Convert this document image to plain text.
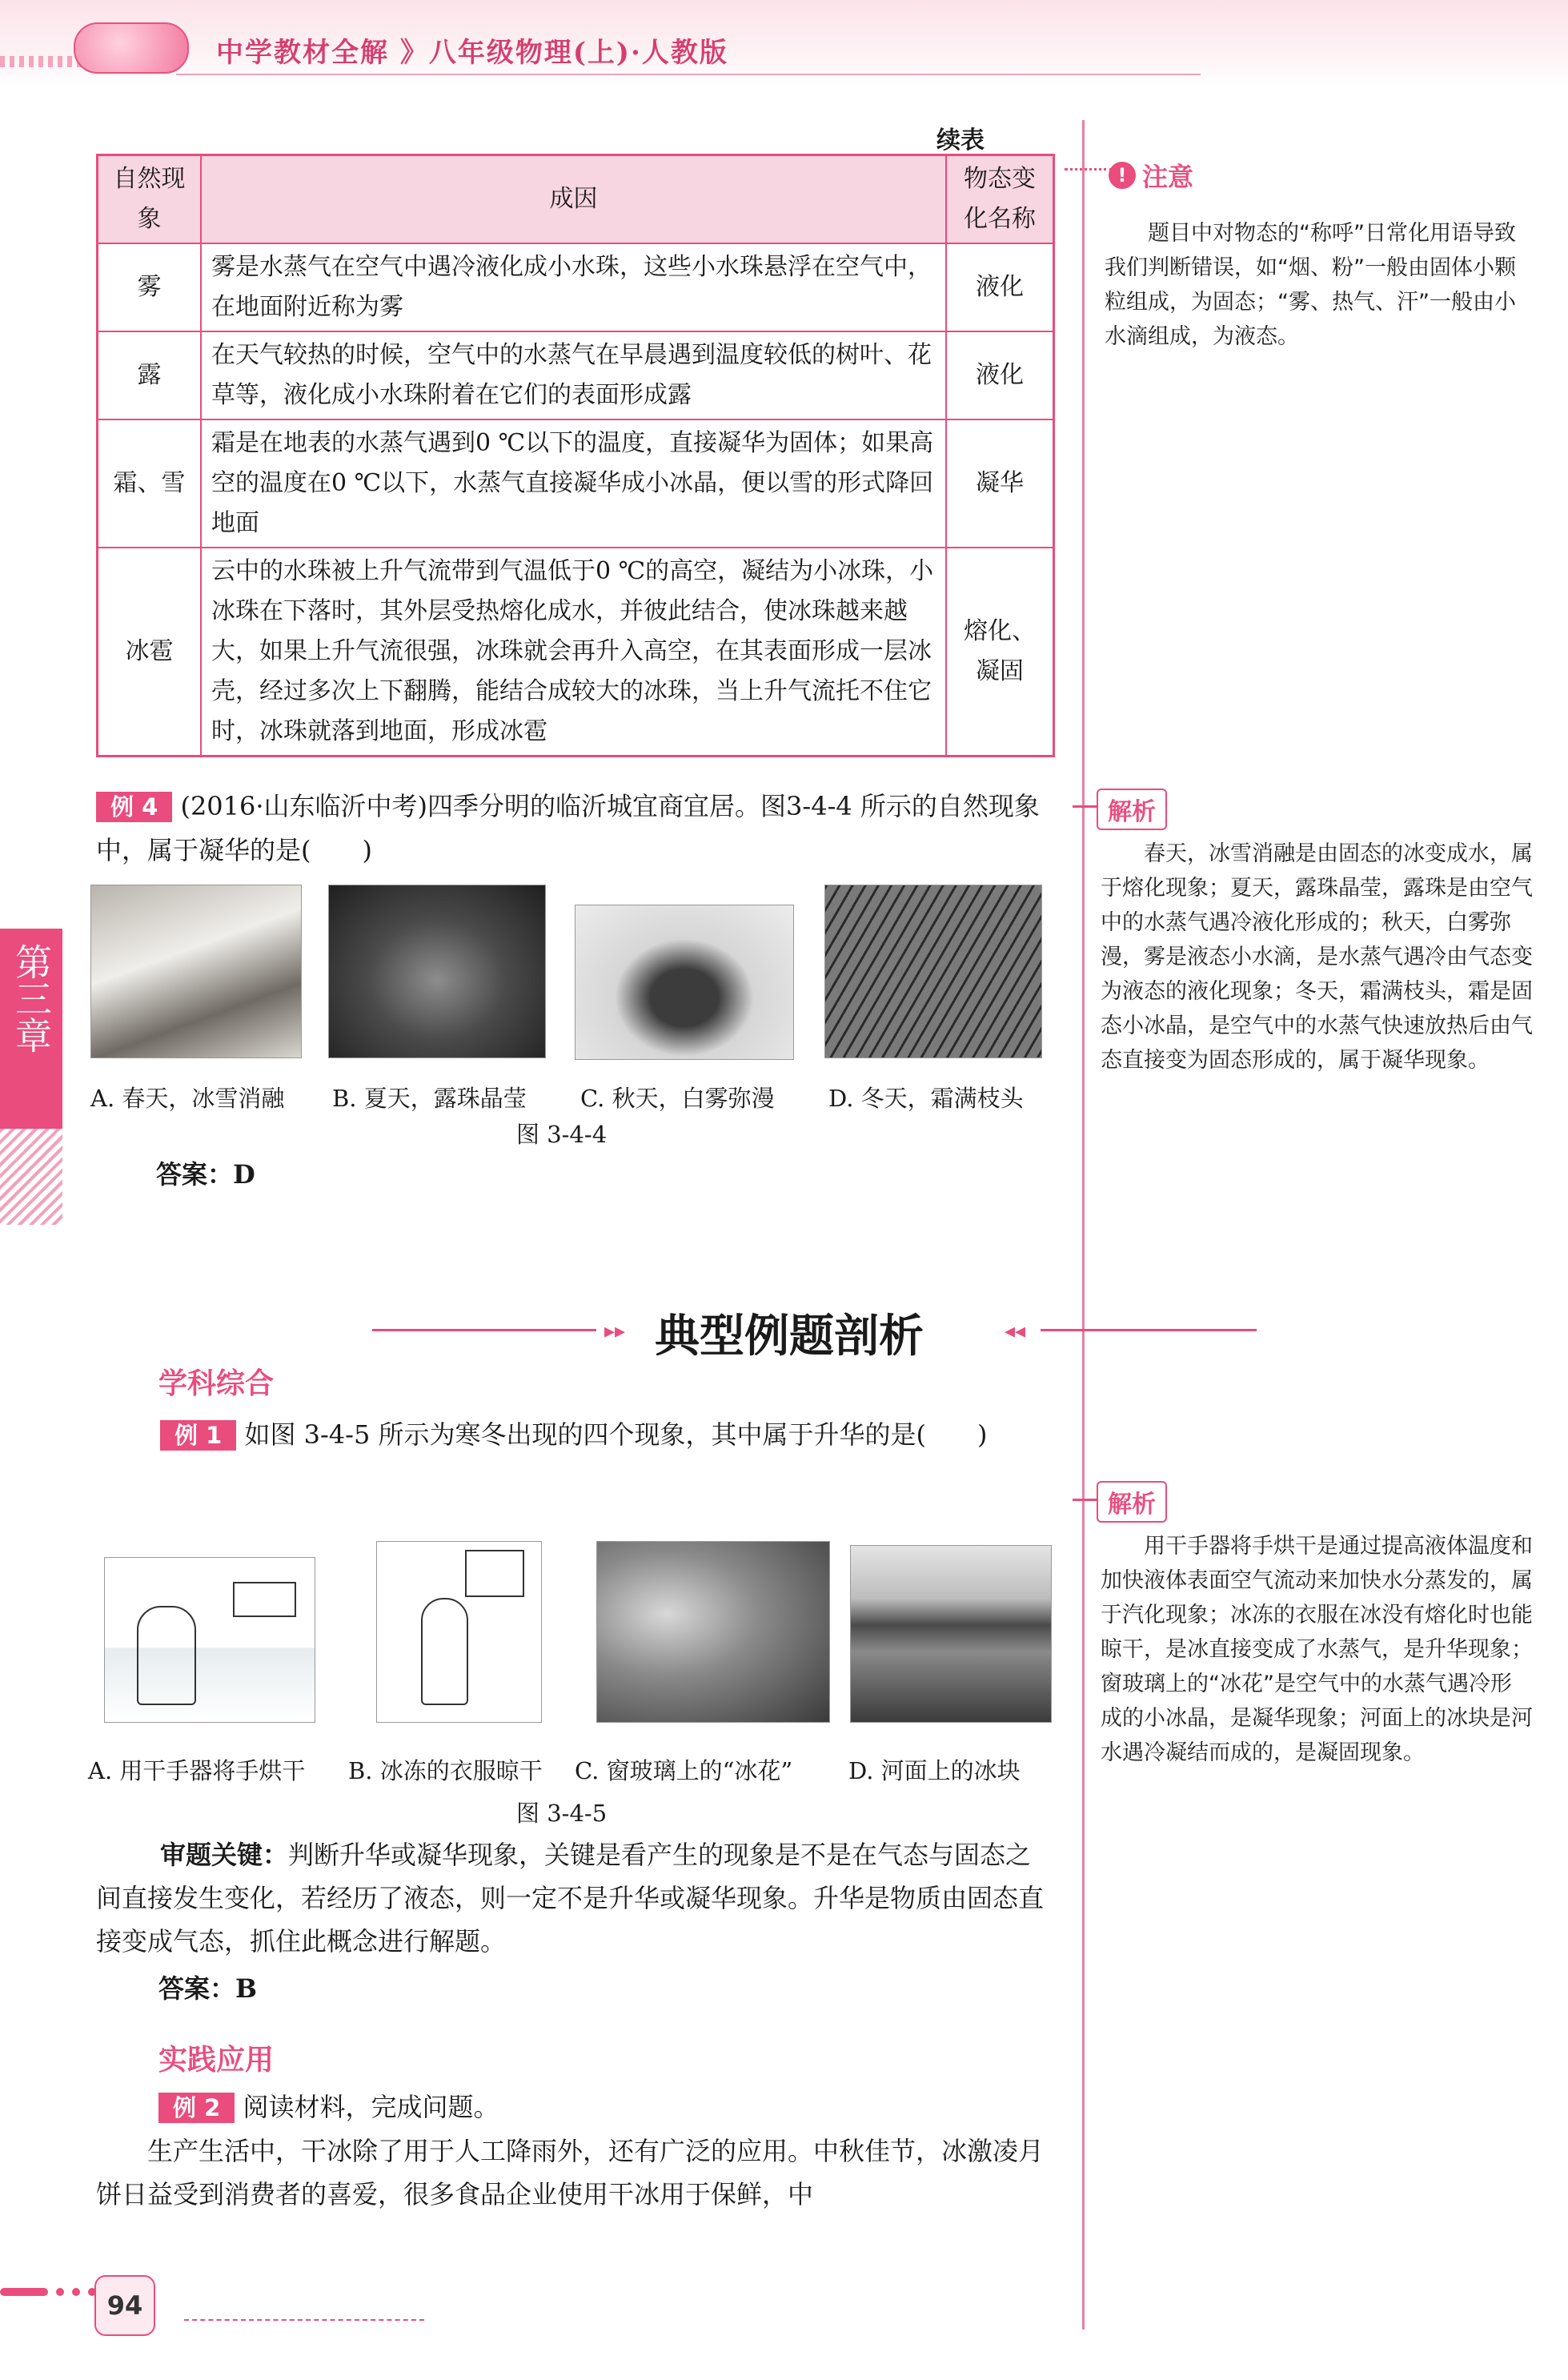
中学教材全解 》八年级物理(上)·人教版
第三章
续表
自然现象	成因	物态变化名称
雾	雾是水蒸气在空气中遇冷液化成小水珠，这些小水珠悬浮在空气中，在地面附近称为雾	液化
露	在天气较热的时候，空气中的水蒸气在早晨遇到温度较低的树叶、花草等，液化成小水珠附着在它们的表面形成露	液化
霜、雪	霜是在地表的水蒸气遇到0 ℃以下的温度，直接凝华为固体；如果高空的温度在0 ℃以下，水蒸气直接凝华成小冰晶，便以雪的形式降回地面	凝华
冰雹	云中的水珠被上升气流带到气温低于0 ℃的高空，凝结为小冰珠，小冰珠在下落时，其外层受热熔化成水，并彼此结合，使冰珠越来越大，如果上升气流很强，冰珠就会再升入高空，在其表面形成一层冰壳，经过多次上下翻腾，能结合成较大的冰珠，当上升气流托不住它时，冰珠就落到地面，形成冰雹	熔化、凝固
! 注意
题目中对物态的“称呼”日常化用语导致我们判断错误，如“烟、粉”一般由固体小颗粒组成，为固态；“雾、热气、汗”一般由小水滴组成，为液态。
例 4 (2016·山东临沂中考)四季分明的临沂城宜商宜居。图3-4-4 所示的自然现象中，属于凝华的是(　　)
A. 春天，冰雪消融 B. 夏天，露珠晶莹 C. 秋天，白雾弥漫 D. 冬天，霜满枝头
图 3-4-4
答案：D
解析
春天，冰雪消融是由固态的冰变成水，属于熔化现象；夏天，露珠晶莹，露珠是由空气中的水蒸气遇冷液化形成的；秋天，白雾弥漫，雾是液态小水滴，是水蒸气遇冷由气态变为液态的液化现象；冬天，霜满枝头，霜是固态小冰晶，是空气中的水蒸气快速放热后由气态直接变为固态形成的，属于凝华现象。
▸▸ 典型例题剖析	◂◂
学科综合
例 1 如图 3-4-5 所示为寒冬出现的四个现象，其中属于升华的是(　　)
A. 用干手器将手烘干 B. 冰冻的衣服晾干 C. 窗玻璃上的“冰花” D. 河面上的冰块
图 3-4-5
审题关键：判断升华或凝华现象，关键是看产生的现象是不是在气态与固态之间直接发生变化，若经历了液态，则一定不是升华或凝华现象。升华是物质由固态直接变成气态，抓住此概念进行解题。
答案：B
解析
用干手器将手烘干是通过提高液体温度和加快液体表面空气流动来加快水分蒸发的，属于汽化现象；冰冻的衣服在冰没有熔化时也能晾干，是冰直接变成了水蒸气，是升华现象；窗玻璃上的“冰花”是空气中的水蒸气遇冷形成的小冰晶，是凝华现象；河面上的冰块是河水遇冷凝结而成的，是凝固现象。
实践应用
例 2 阅读材料，完成问题。
生产生活中，干冰除了用于人工降雨外，还有广泛的应用。中秋佳节，冰激凌月饼日益受到消费者的喜爱，很多食品企业使用干冰用于保鲜，中
94
